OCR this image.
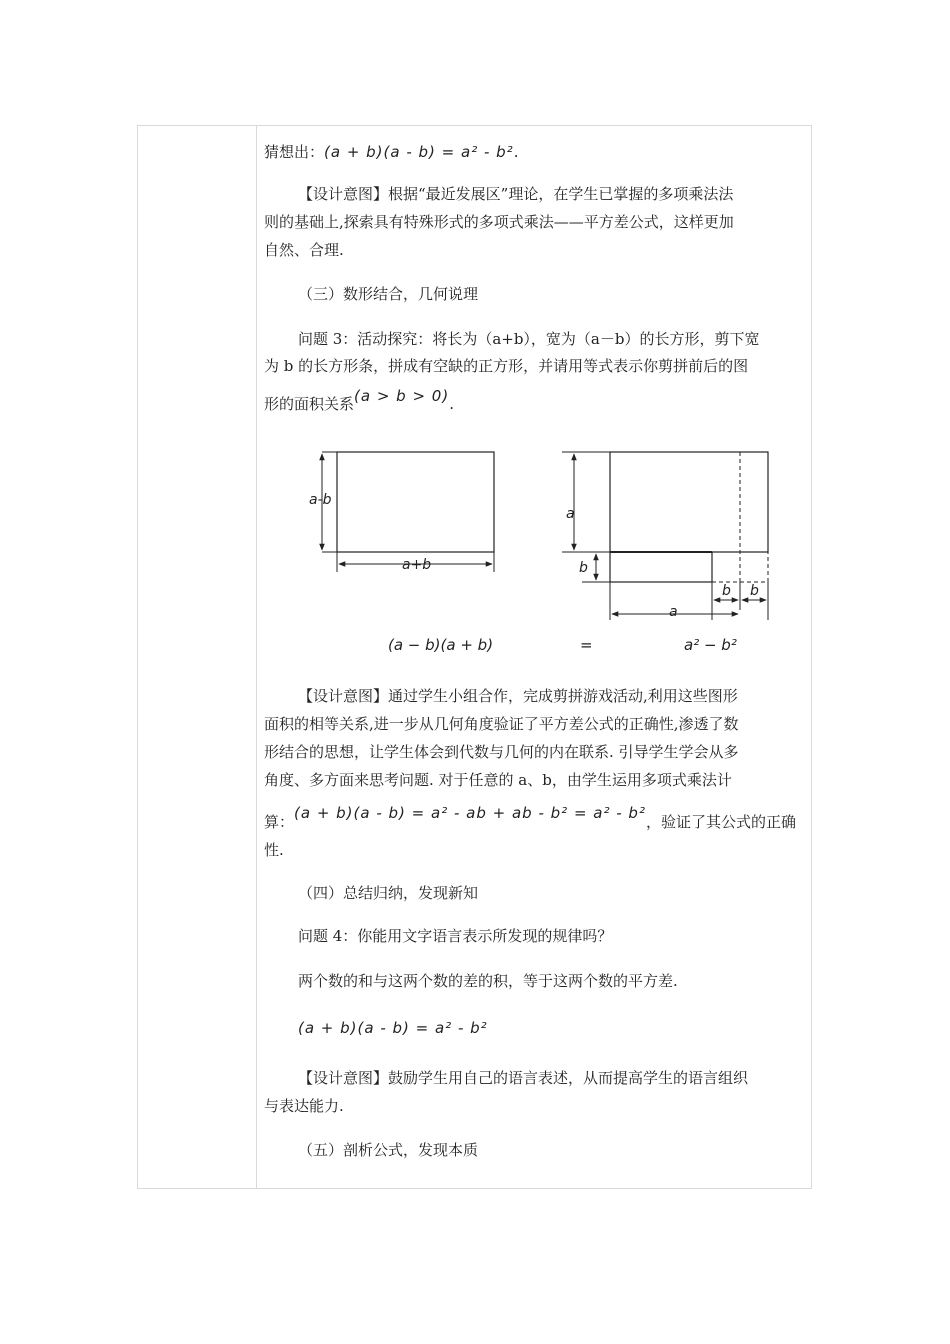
猜想出：(a + b)(a - b) = a² - b².
【设计意图】根据“最近发展区”理论，在学生已掌握的多项乘法法
则的基础上,探索具有特殊形式的多项式乘法——平方差公式，这样更加
自然、合理.
（三）数形结合，几何说理
问题 3：活动探究：将长为（a+b），宽为（a－b）的长方形，剪下宽
为 b 的长方形条，拼成有空缺的正方形，并请用等式表示你剪拼前后的图
形的面积关系(a > b > 0).
【设计意图】通过学生小组合作，完成剪拼游戏活动,利用这些图形
面积的相等关系,进一步从几何角度验证了平方差公式的正确性,渗透了数
形结合的思想，让学生体会到代数与几何的内在联系. 引导学生学会从多
角度、多方面来思考问题. 对于任意的 a、b，由学生运用多项式乘法计
算：(a + b)(a - b) = a² - ab + ab - b² = a² - b²，验证了其公式的正确
性.
（四）总结归纳，发现新知
问题 4：你能用文字语言表示所发现的规律吗？
两个数的和与这两个数的差的积，等于这两个数的平方差.
(a + b)(a - b) = a² - b²
【设计意图】鼓励学生用自己的语言表述，从而提高学生的语言组织
与表达能力.
（五）剖析公式，发现本质
a-b
a+b
a
b
a
b b
(a − b)(a + b)	=	a² − b²
